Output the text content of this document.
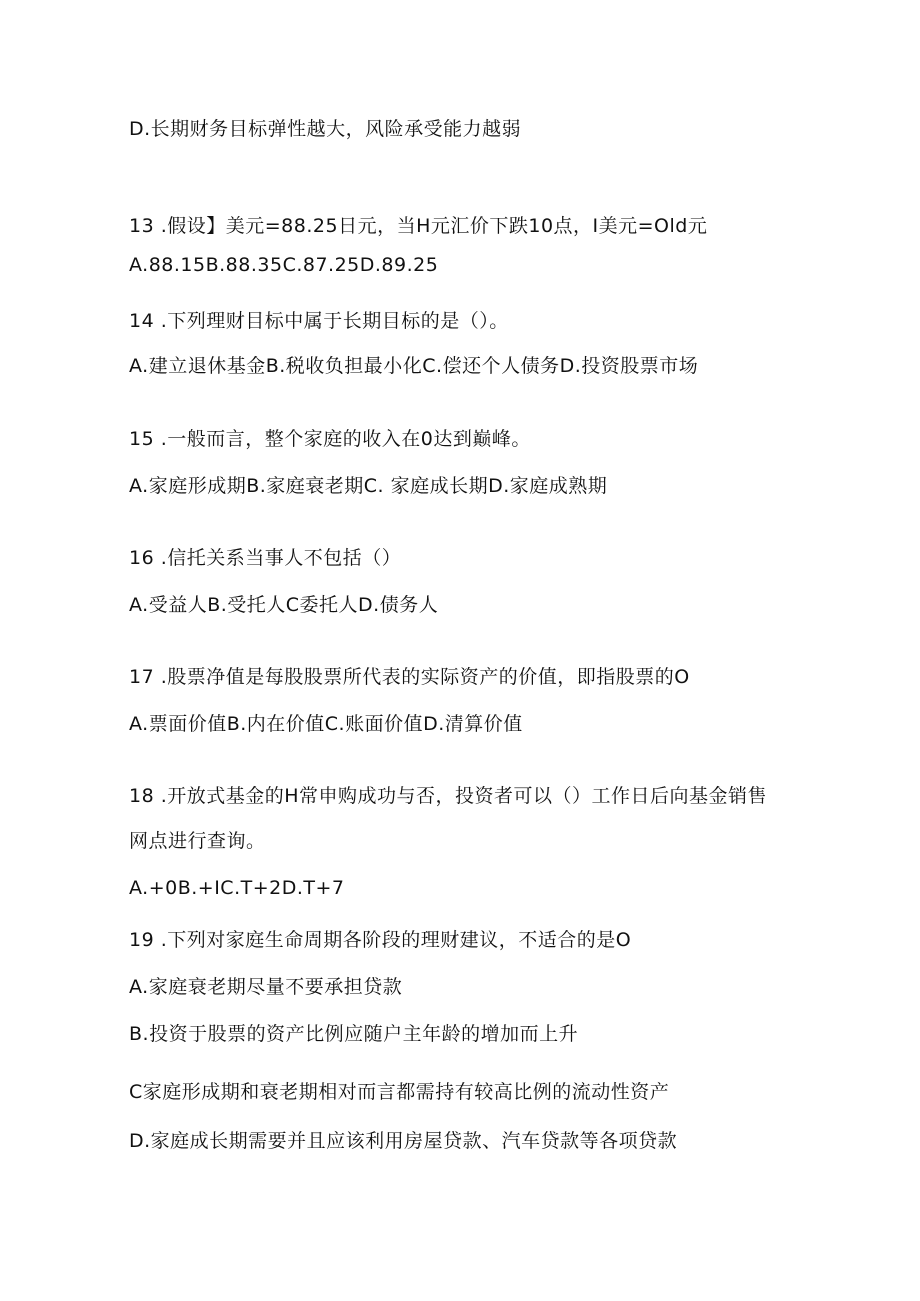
D.长期财务目标弹性越大，风险承受能力越弱
13 .假设】美元=88.25日元，当H元汇价下跌10点，I美元=Old元
A.88.15B.88.35C.87.25D.89.25
14 .下列理财目标中属于长期目标的是（）。
A.建立退休基金B.税收负担最小化C.偿还个人债务D.投资股票市场
15 .一般而言，整个家庭的收入在0达到巅峰。
A.家庭形成期B.家庭衰老期C. 家庭成长期D.家庭成熟期
16 .信托关系当事人不包括（）
A.受益人B.受托人C委托人D.债务人
17 .股票净值是每股股票所代表的实际资产的价值，即指股票的O
A.票面价值B.内在价值C.账面价值D.清算价值
18 .开放式基金的H常申购成功与否，投资者可以（）工作日后向基金销售
网点进行查询。
A.+0B.+IC.T+2D.T+7
19 .下列对家庭生命周期各阶段的理财建议，不适合的是O
A.家庭衰老期尽量不要承担贷款
B.投资于股票的资产比例应随户主年龄的增加而上升
C家庭形成期和衰老期相对而言都需持有较高比例的流动性资产
D.家庭成长期需要并且应该利用房屋贷款、汽车贷款等各项贷款
